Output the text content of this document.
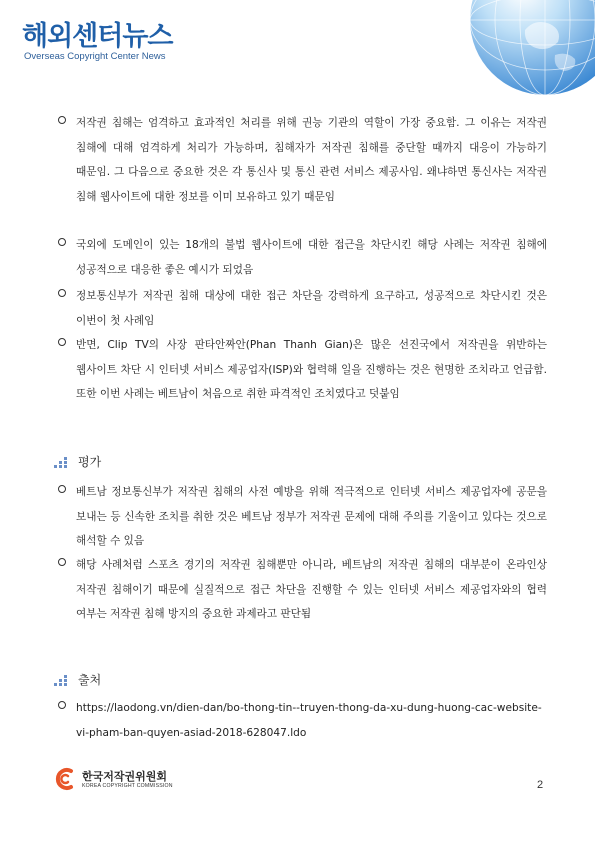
해외센터뉴스
Overseas Copyright Center News
저작권 침해는 엄격하고 효과적인 처리를 위해 권능 기관의 역할이 가장 중요함. 그 이유는 저작권 침해에 대해 엄격하게 처리가 가능하며, 침해자가 저작권 침해를 중단할 때까지 대응이 가능하기 때문임. 그 다음으로 중요한 것은 각 통신사 및 통신 관련 서비스 제공사임. 왜냐하면 통신사는 저작권 침해 웹사이트에 대한 정보를 이미 보유하고 있기 때문임
국외에 도메인이 있는 18개의 불법 웹사이트에 대한 접근을 차단시킨 해당 사례는 저작권 침해에 성공적으로 대응한 좋은 예시가 되었음
정보통신부가 저작권 침해 대상에 대한 접근 차단을 강력하게 요구하고, 성공적으로 차단시킨 것은 이번이 첫 사례임
반면, Clip TV의 사장 판타안짜안(Phan Thanh Gian)은 많은 선진국에서 저작권을 위반하는 웹사이트 차단 시 인터넷 서비스 제공업자(ISP)와 협력해 일을 진행하는 것은 현명한 조치라고 언급함. 또한 이번 사례는 베트남이 처음으로 취한 파격적인 조치였다고 덧붙임
평가
베트남 정보통신부가 저작권 침해의 사전 예방을 위해 적극적으로 인터넷 서비스 제공업자에 공문을 보내는 등 신속한 조치를 취한 것은 베트남 정부가 저작권 문제에 대해 주의를 기울이고 있다는 것으로 해석할 수 있음
해당 사례처럼 스포츠 경기의 저작권 침해뿐만 아니라, 베트남의 저작권 침해의 대부분이 온라인상 저작권 침해이기 때문에 실질적으로 접근 차단을 진행할 수 있는 인터넷 서비스 제공업자와의 협력 여부는 저작권 침해 방지의 중요한 과제라고 판단됨
출처
https://laodong.vn/dien-dan/bo-thong-tin--truyen-thong-da-xu-dung-huong-cac-website-vi-pham-ban-quyen-asiad-2018-628047.ldo
한국저작권위원회
KOREA COPYRIGHT COMMISSION	2
